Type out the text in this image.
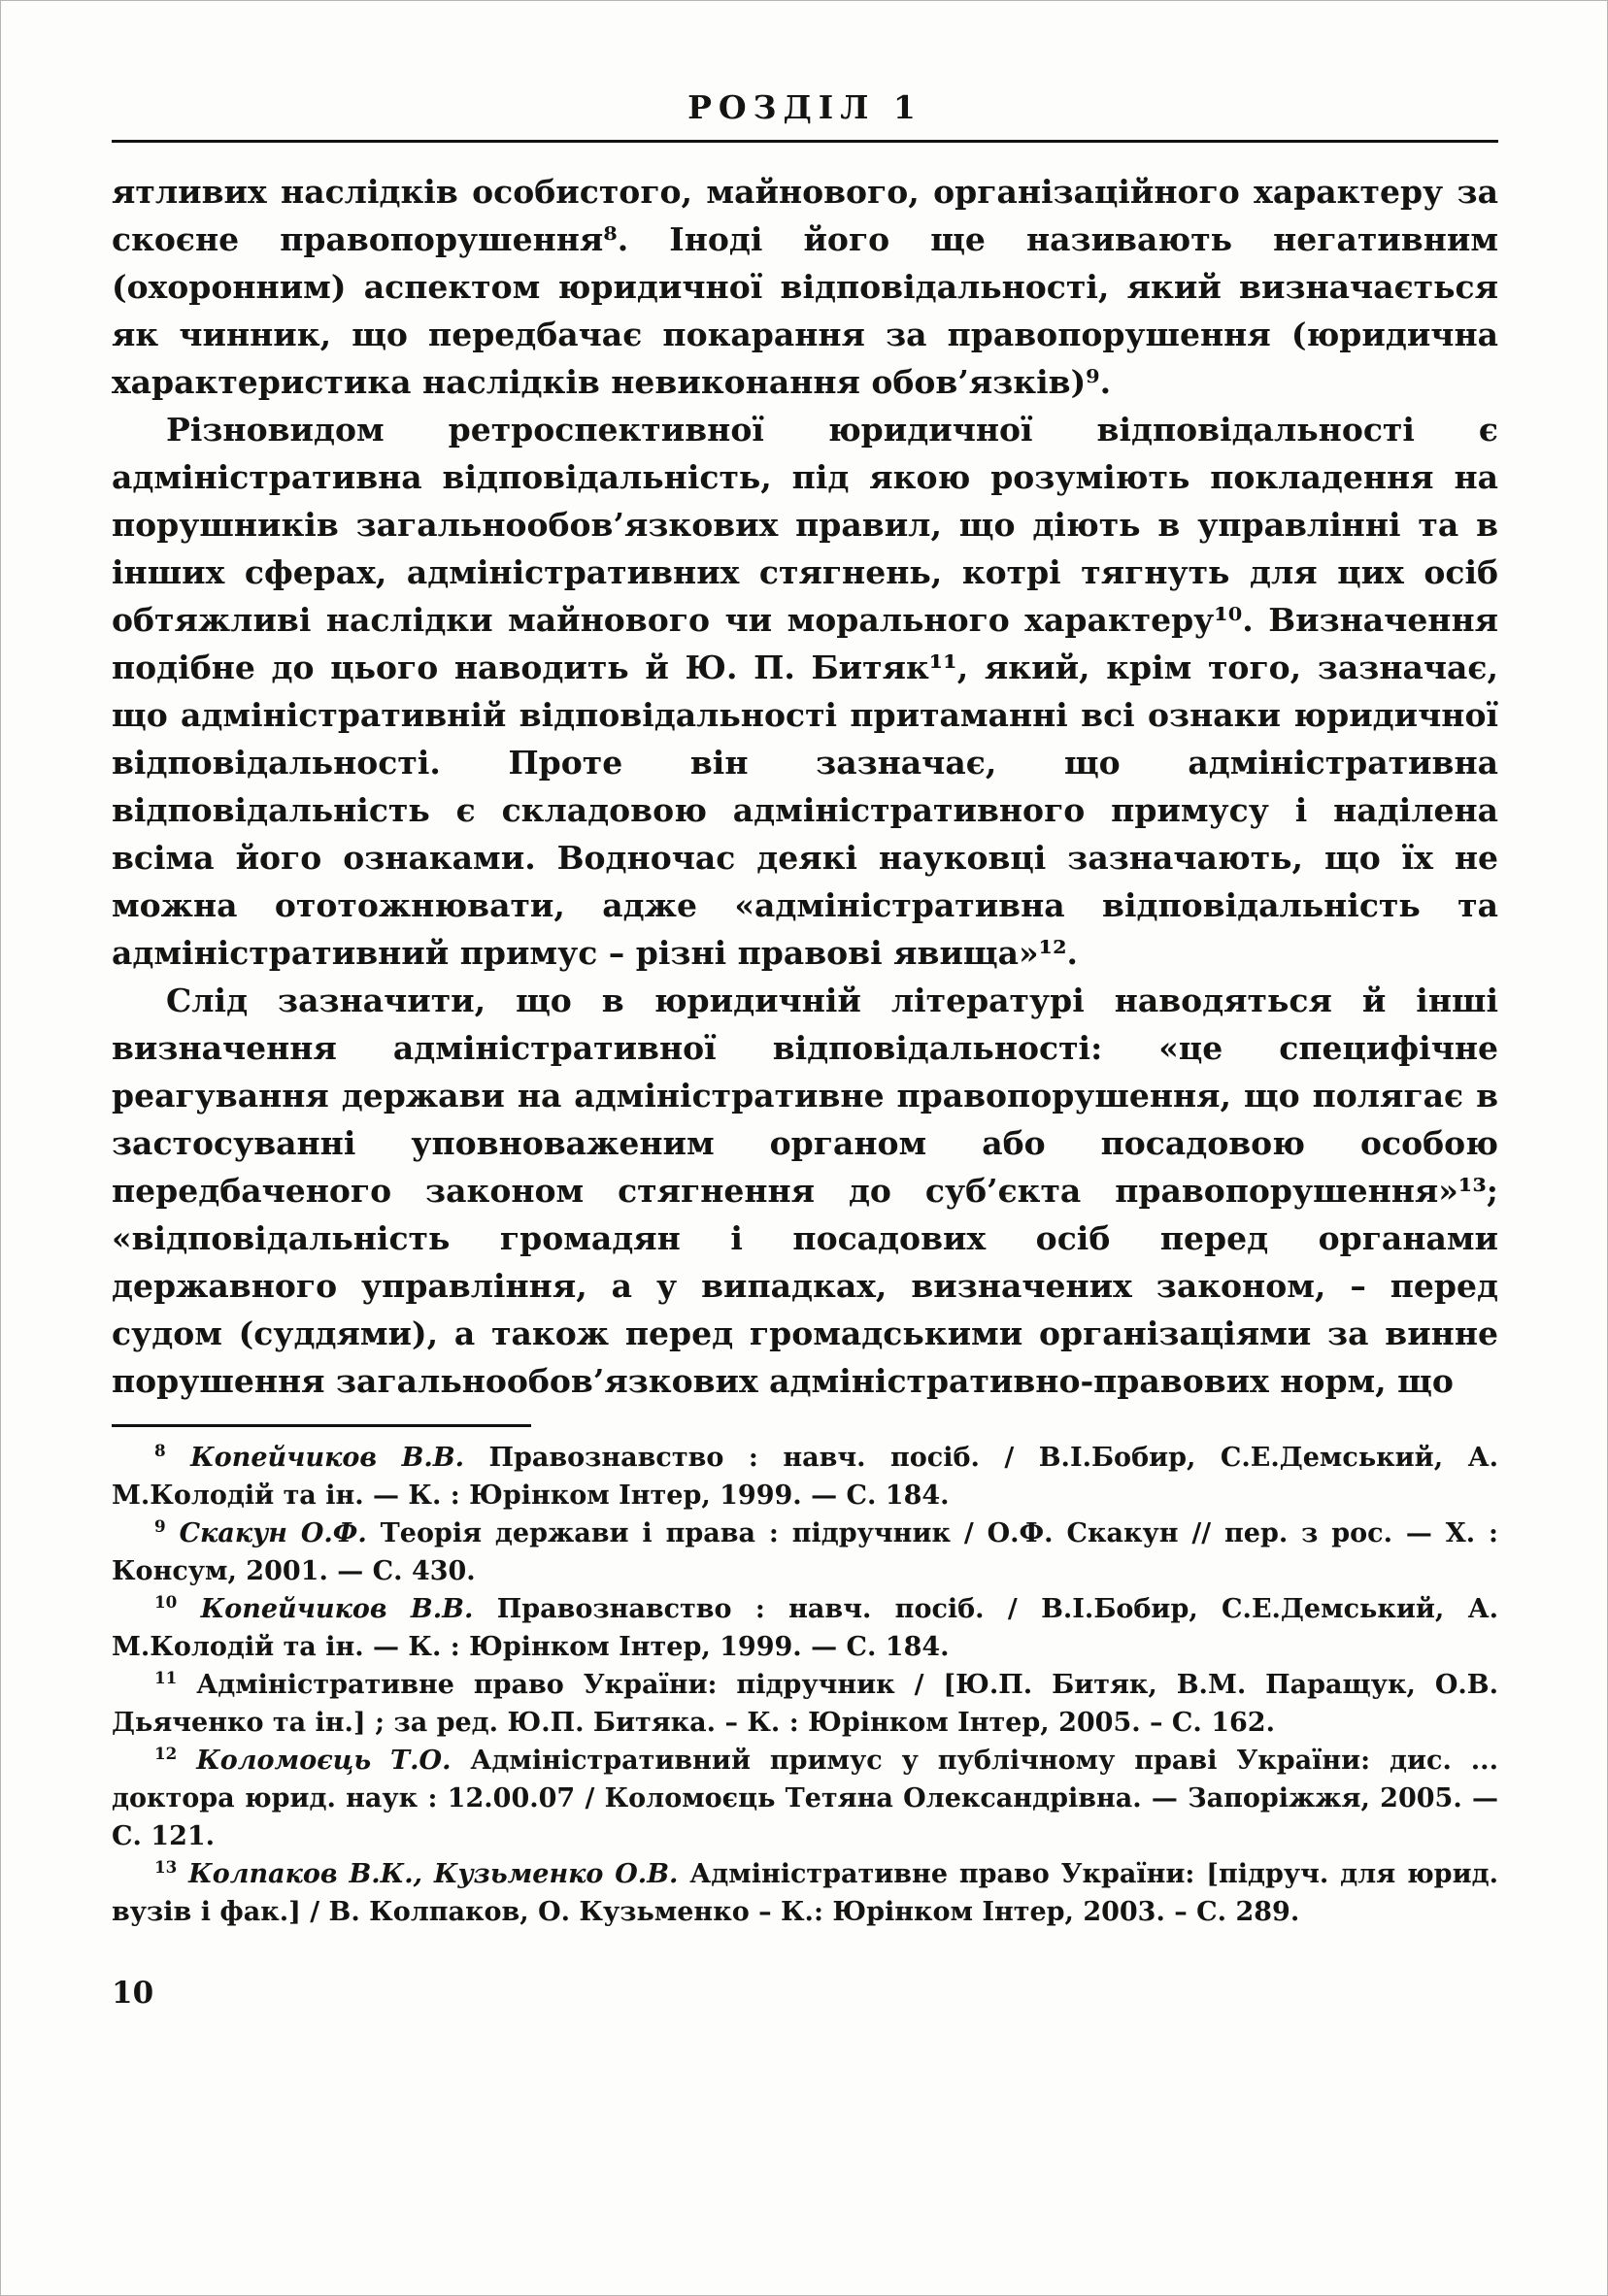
РОЗДІЛ 1

ятливих наслідків особистого, майнового, організаційного характеру за скоєне правопорушення⁸. Іноді його ще називають негативним (охоронним) аспектом юридичної відповідальності, який визначається як чинник, що передбачає покарання за правопорушення (юридична характеристика наслідків невиконання обов’язків)⁹.

Різновидом ретроспективної юридичної відповідальності є адміністративна відповідальність, під якою розуміють покладення на порушників загальнообов’язкових правил, що діють в управлінні та в інших сферах, адміністративних стягнень, котрі тягнуть для цих осіб обтяжливі наслідки майнового чи морального характеру¹⁰. Визначення подібне до цього наводить й Ю. П. Битяк¹¹, який, крім того, зазначає, що адміністративній відповідальності притаманні всі ознаки юридичної відповідальності. Проте він зазначає, що адміністративна відповідальність є складовою адміністративного примусу і наділена всіма його ознаками. Водночас деякі науковці зазначають, що їх не можна ототожнювати, адже «адміністративна відповідальність та адміністративний примус – різні правові явища»¹².

Слід зазначити, що в юридичній літературі наводяться й інші визначення адміністративної відповідальності: «це специфічне реагування держави на адміністративне правопорушення, що полягає в застосуванні уповноваженим органом або посадовою особою передбаченого законом стягнення до суб’єкта правопорушення»¹³; «відповідальність громадян і посадових осіб перед органами державного управління, а у випадках, визначених законом, – перед судом (суддями), а також перед громадськими організаціями за винне порушення загальнообов’язкових адміністративно-правових норм, що

$^8$ Копейчиков В.В. Правознавство : навч. посіб. / В.І.Бобир, С.Е.Демський, А. М.Колодій та ін. — К. : Юрінком Інтер, 1999. — С. 184.

$^9$ Скакун О.Ф. Теорія держави і права : підручник / О.Ф. Скакун // пер. з рос. — Х. : Консум, 2001. — С. 430.

$^{10}$ Копейчиков В.В. Правознавство : навч. посіб. / В.І.Бобир, С.Е.Демський, А. М.Колодій та ін. — К. : Юрінком Інтер, 1999. — С. 184.

$^{11}$ Адміністративне право України: підручник / [Ю.П. Битяк, В.М. Паращук, О.В. Дьяченко та ін.] ; за ред. Ю.П. Битяка. – К. : Юрінком Інтер, 2005. – С. 162.

$^{12}$ Коломоєць Т.О. Адміністративний примус у публічному праві України: дис. ... доктора юрид. наук : 12.00.07 / Коломоєць Тетяна Олександрівна. — Запоріжжя, 2005. — С. 121.

$^{13}$ Колпаков В.К., Кузьменко О.В. Адміністративне право України: [підруч. для юрид. вузів і фак.] / В. Колпаков, О. Кузьменко – К.: Юрінком Інтер, 2003. – С. 289.

10
